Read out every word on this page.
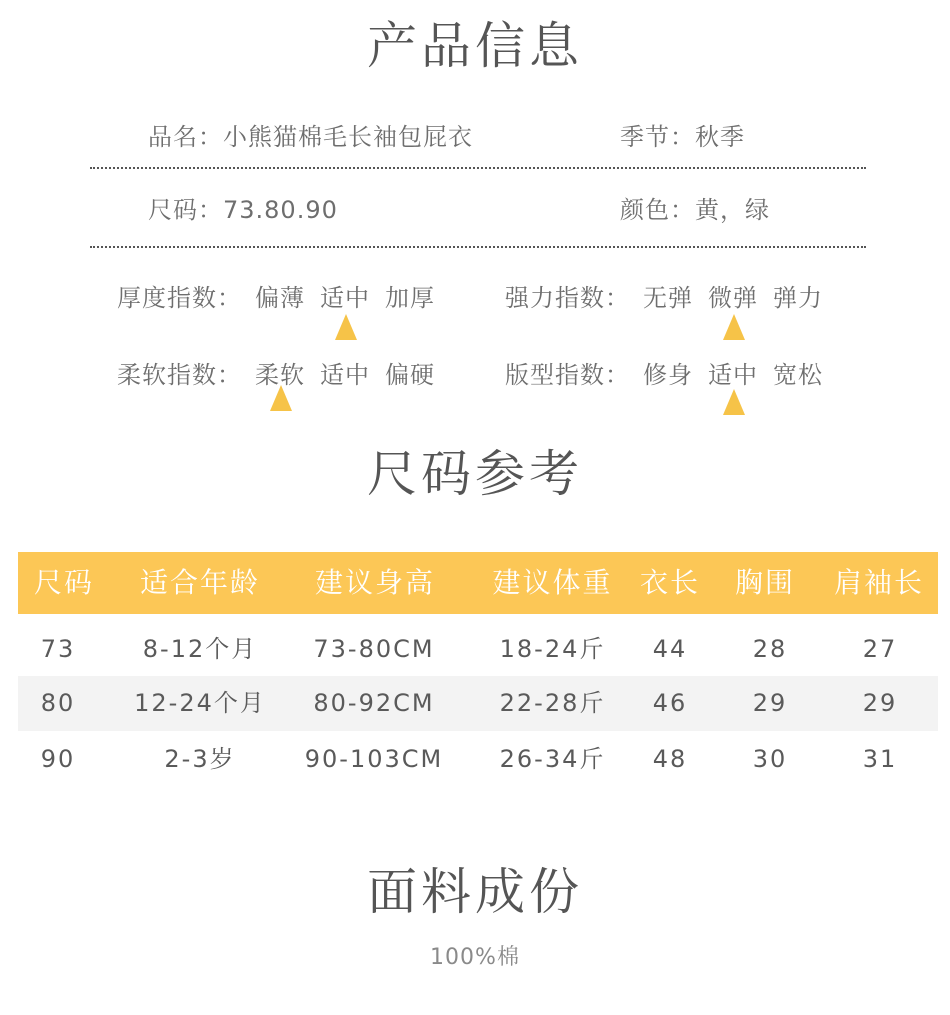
产品信息
品名：小熊猫棉毛长袖包屁衣	季节：秋季
尺码：73.80.90	颜色：黄，绿
厚度指数： 偏薄 适中 加厚	强力指数： 无弹 微弹 弹力
柔软指数： 柔软 适中 偏硬	版型指数： 修身 适中 宽松
尺码参考
尺码	适合年龄	建议身高	建议体重 衣长	胸围	肩袖长
73	8-12个月	73-80CM	18-24斤	44	28	27
80	12-24个月	80-92CM	22-28斤	46	29	29
90	2-3岁	90-103CM	26-34斤	48	30	31
面料成份
100%棉
